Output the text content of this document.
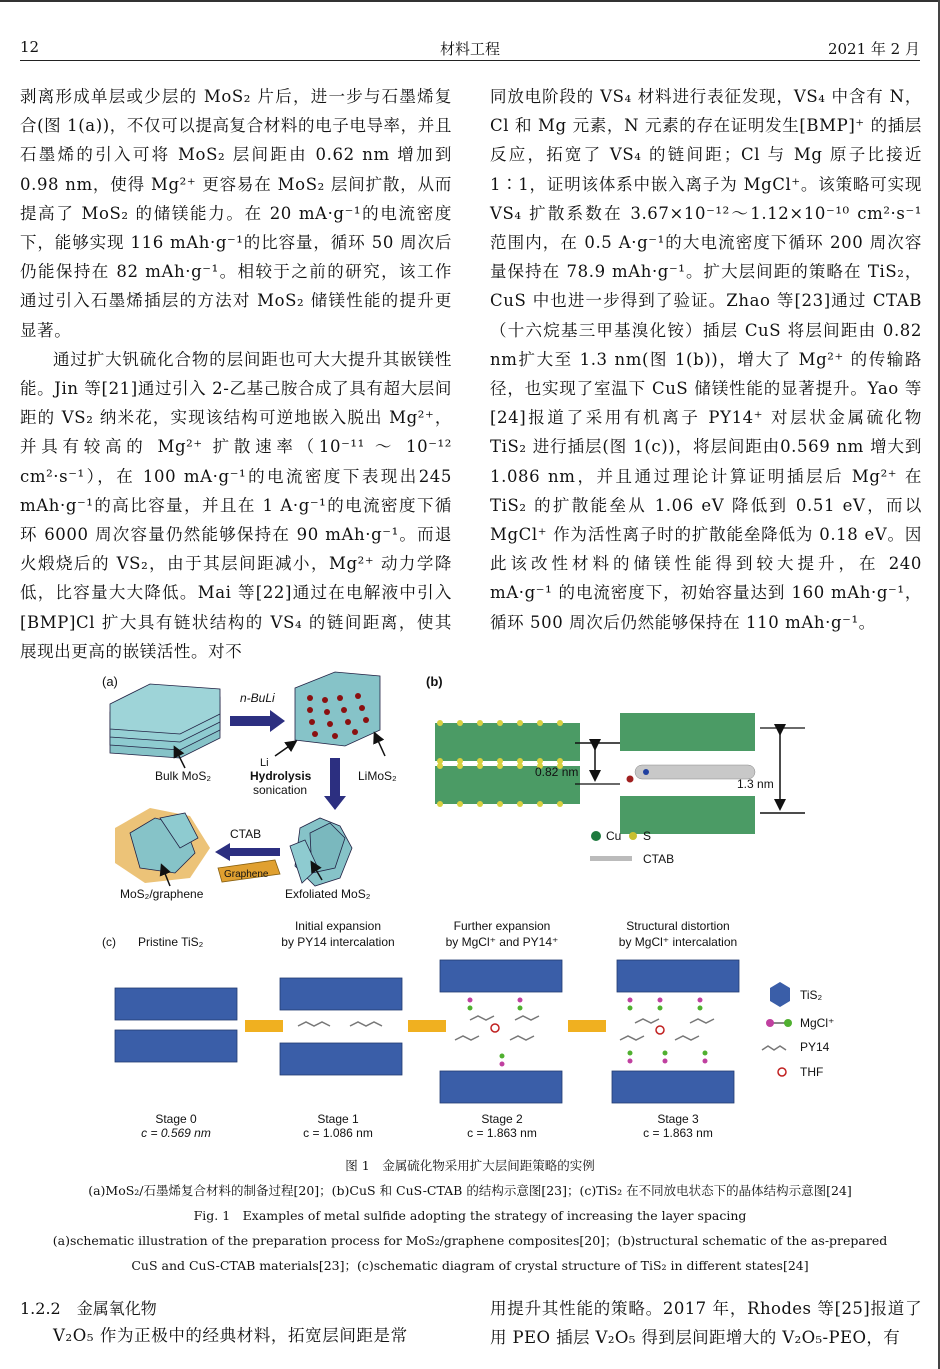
12	材料工程	2021 年 2 月

剥离形成单层或少层的 MoS₂ 片后，进一步与石墨烯复合(图 1(a))，不仅可以提高复合材料的电子电导率，并且石墨烯的引入可将 MoS₂ 层间距由 0.62 nm 增加到 0.98 nm，使得 Mg²⁺ 更容易在 MoS₂ 层间扩散，从而提高了 MoS₂ 的储镁能力。在 20 mA·g⁻¹的电流密度下，能够实现 116 mAh·g⁻¹的比容量，循环 50 周次后仍能保持在 82 mAh·g⁻¹。相较于之前的研究，该工作通过引入石墨烯插层的方法对 MoS₂ 储镁性能的提升更显著。

通过扩大钒硫化合物的层间距也可大大提升其嵌镁性能。Jin 等[21]通过引入 2-乙基己胺合成了具有超大层间距的 VS₂ 纳米花，实现该结构可逆地嵌入脱出 Mg²⁺，并具有较高的 Mg²⁺ 扩散速率（10⁻¹¹ ～ 10⁻¹² cm²·s⁻¹），在 100 mA·g⁻¹的电流密度下表现出245 mAh·g⁻¹的高比容量，并且在 1 A·g⁻¹的电流密度下循环 6000 周次容量仍然能够保持在 90 mAh·g⁻¹。而退火煅烧后的 VS₂，由于其层间距减小，Mg²⁺ 动力学降低，比容量大大降低。Mai 等[22]通过在电解液中引入[BMP]Cl 扩大具有链状结构的 VS₄ 的链间距离，使其展现出更高的嵌镁活性。对不

同放电阶段的 VS₄ 材料进行表征发现，VS₄ 中含有 N，Cl 和 Mg 元素，N 元素的存在证明发生[BMP]⁺ 的插层反应，拓宽了 VS₄ 的链间距；Cl 与 Mg 原子比接近 1∶1，证明该体系中嵌入离子为 MgCl⁺。该策略可实现 VS₄ 扩散系数在 3.67×10⁻¹²～1.12×10⁻¹⁰ cm²·s⁻¹范围内，在 0.5 A·g⁻¹的大电流密度下循环 200 周次容量保持在 78.9 mAh·g⁻¹。扩大层间距的策略在 TiS₂，CuS 中也进一步得到了验证。Zhao 等[23]通过 CTAB（十六烷基三甲基溴化铵）插层 CuS 将层间距由 0.82 nm扩大至 1.3 nm(图 1(b))，增大了 Mg²⁺ 的传输路径，也实现了室温下 CuS 储镁性能的显著提升。Yao 等[24]报道了采用有机离子 PY14⁺ 对层状金属硫化物 TiS₂ 进行插层(图 1(c))，将层间距由0.569 nm 增大到 1.086 nm，并且通过理论计算证明插层后 Mg²⁺ 在 TiS₂ 的扩散能垒从 1.06 eV 降低到 0.51 eV，而以 MgCl⁺ 作为活性离子时的扩散能垒降低为 0.18 eV。因此该改性材料的储镁性能得到较大提升，在 240 mA·g⁻¹ 的电流密度下，初始容量达到 160 mAh·g⁻¹，循环 500 周次后仍然能够保持在 110 mAh·g⁻¹。

(a)
Bulk MoS₂
n-BuLi
Li
LiMoS₂
Hydrolysis
sonication
Exfoliated MoS₂
CTAB
Graphene
MoS₂/graphene
(b)
0.82 nm
1.3 nm
Cu S
CTAB
(c) Pristine TiS₂
Stage 0
c = 0.569 nm
Initial expansion
by PY14 intercalation
Stage 1
c = 1.086 nm
Further expansion
by MgCl⁺ and PY14⁺
Stage 2
c = 1.863 nm
Structural distortion
by MgCl⁺ intercalation
Stage 3
c = 1.863 nm
TiS₂
MgCl⁺
PY14
THF
图 1　金属硫化物采用扩大层间距策略的实例
(a)MoS₂/石墨烯复合材料的制备过程[20]；(b)CuS 和 CuS-CTAB 的结构示意图[23]；(c)TiS₂ 在不同放电状态下的晶体结构示意图[24]
Fig. 1　Examples of metal sulfide adopting the strategy of increasing the layer spacing
(a)schematic illustration of the preparation process for MoS₂/graphene composites[20]；(b)structural schematic of the as-prepared
CuS and CuS-CTAB materials[23]；(c)schematic diagram of crystal structure of TiS₂ in different states[24]
1.2.2　金属氧化物
V₂O₅ 作为正极中的经典材料，拓宽层间距是常

用提升其性能的策略。2017 年，Rhodes 等[25]报道了用 PEO 插层 V₂O₅ 得到层间距增大的 V₂O₅-PEO，有
